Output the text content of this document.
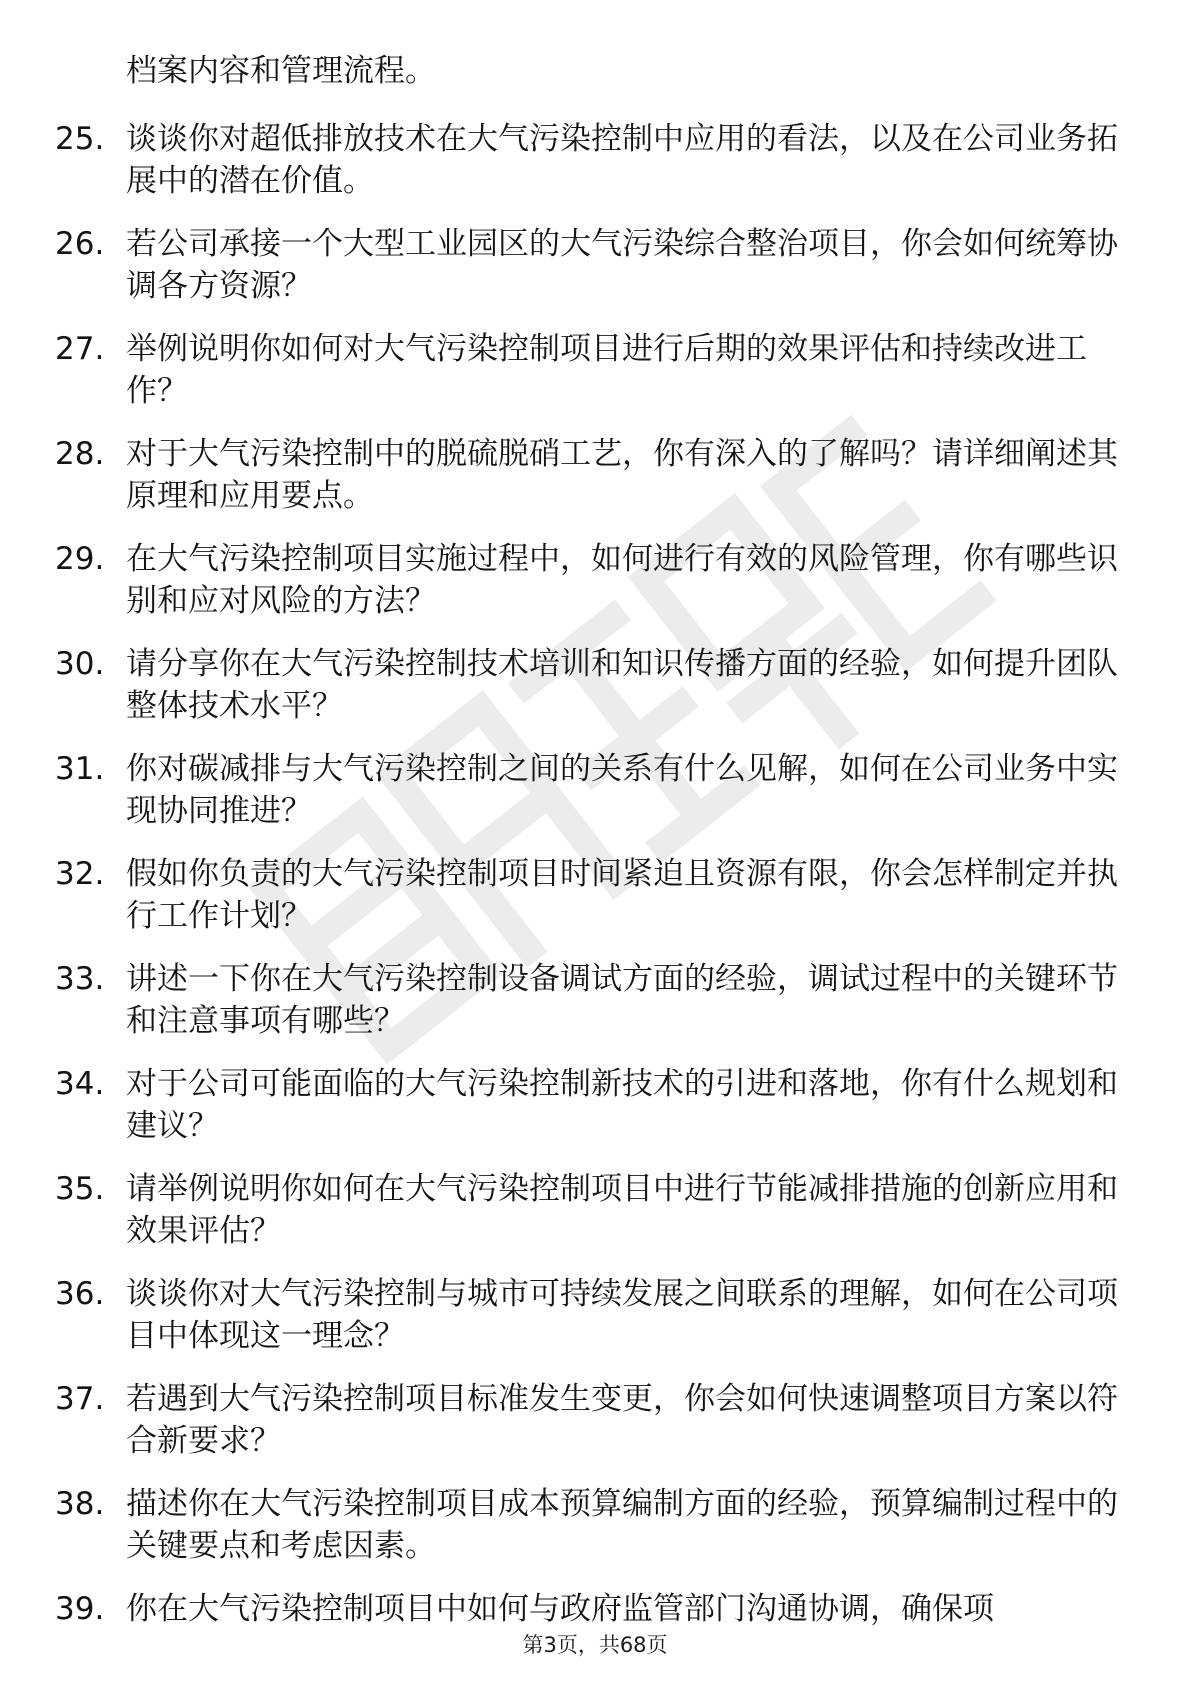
档案内容和管理流程。

25. 谈谈你对超低排放技术在大气污染控制中应用的看法，以及在公司业务拓展中的潜在价值。
26. 若公司承接一个大型工业园区的大气污染综合整治项目，你会如何统筹协调各方资源？
27. 举例说明你如何对大气污染控制项目进行后期的效果评估和持续改进工作？
28. 对于大气污染控制中的脱硫脱硝工艺，你有深入的了解吗？请详细阐述其原理和应用要点。
29. 在大气污染控制项目实施过程中，如何进行有效的风险管理，你有哪些识别和应对风险的方法？
30. 请分享你在大气污染控制技术培训和知识传播方面的经验，如何提升团队整体技术水平？
31. 你对碳减排与大气污染控制之间的关系有什么见解，如何在公司业务中实现协同推进？
32. 假如你负责的大气污染控制项目时间紧迫且资源有限，你会怎样制定并执行工作计划？
33. 讲述一下你在大气污染控制设备调试方面的经验，调试过程中的关键环节和注意事项有哪些？
34. 对于公司可能面临的大气污染控制新技术的引进和落地，你有什么规划和建议？
35. 请举例说明你如何在大气污染控制项目中进行节能减排措施的创新应用和效果评估？
36. 谈谈你对大气污染控制与城市可持续发展之间联系的理解，如何在公司项目中体现这一理念？
37. 若遇到大气污染控制项目标准发生变更，你会如何快速调整项目方案以符合新要求？
38. 描述你在大气污染控制项目成本预算编制方面的经验，预算编制过程中的关键要点和考虑因素。
39. 你在大气污染控制项目中如何与政府监管部门沟通协调，确保项
第3页，共68页
